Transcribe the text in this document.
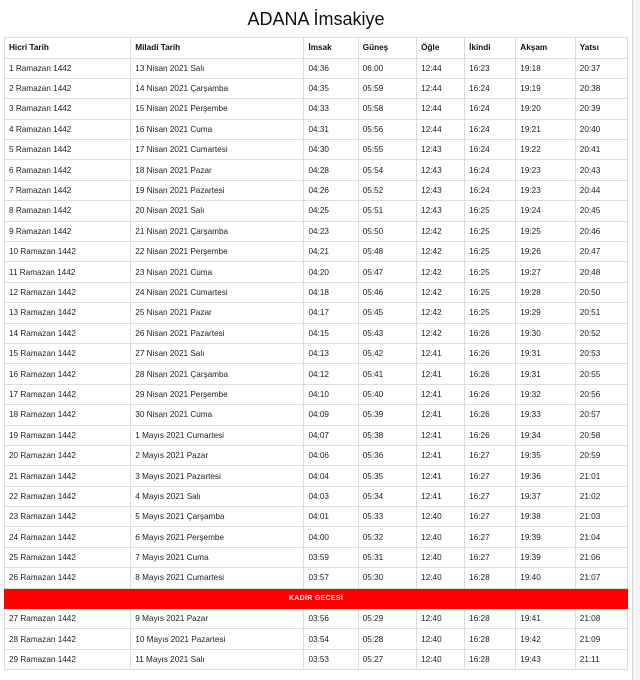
ADANA İmsakiye
Hicri Tarih	Miladi Tarih	İmsak	Güneş	Öğle	İkindi	Akşam	Yatsı
1 Ramazan 1442	13 Nisan 2021 Salı	04:36	06:00	12:44	16:23	19:18	20:37
2 Ramazan 1442	14 Nisan 2021 Çarşamba	04:35	05:59	12:44	16:24	19:19	20:38
3 Ramazan 1442	15 Nisan 2021 Perşembe	04:33	05:58	12:44	16:24	19:20	20:39
4 Ramazan 1442	16 Nisan 2021 Cuma	04:31	05:56	12:44	16:24	19:21	20:40
5 Ramazan 1442	17 Nisan 2021 Cumartesi	04:30	05:55	12:43	16:24	19:22	20:41
6 Ramazan 1442	18 Nisan 2021 Pazar	04:28	05:54	12:43	16:24	19:23	20:43
7 Ramazan 1442	19 Nisan 2021 Pazartesi	04:26	05:52	12:43	16:24	19:23	20:44
8 Ramazan 1442	20 Nisan 2021 Salı	04:25	05:51	12:43	16:25	19:24	20:45
9 Ramazan 1442	21 Nisan 2021 Çarşamba	04:23	05:50	12:42	16:25	19:25	20:46
10 Ramazan 1442	22 Nisan 2021 Perşembe	04:21	05:48	12:42	16:25	19:26	20:47
11 Ramazan 1442	23 Nisan 2021 Cuma	04:20	05:47	12:42	16:25	19:27	20:48
12 Ramazan 1442	24 Nisan 2021 Cumartesi	04:18	05:46	12:42	16:25	19:28	20:50
13 Ramazan 1442	25 Nisan 2021 Pazar	04:17	05:45	12:42	16:25	19:29	20:51
14 Ramazan 1442	26 Nisan 2021 Pazartesi	04:15	05:43	12:42	16:26	19:30	20:52
15 Ramazan 1442	27 Nisan 2021 Salı	04:13	05:42	12:41	16:26	19:31	20:53
16 Ramazan 1442	28 Nisan 2021 Çarşamba	04:12	05:41	12:41	16:26	19:31	20:55
17 Ramazan 1442	29 Nisan 2021 Perşembe	04:10	05:40	12:41	16:26	19:32	20:56
18 Ramazan 1442	30 Nisan 2021 Cuma	04:09	05:39	12:41	16:26	19:33	20:57
19 Ramazan 1442	1 Mayıs 2021 Cumartesi	04:07	05:38	12:41	16:26	19:34	20:58
20 Ramazan 1442	2 Mayıs 2021 Pazar	04:06	05:36	12:41	16:27	19:35	20:59
21 Ramazan 1442	3 Mayıs 2021 Pazartesi	04:04	05:35	12:41	16:27	19:36	21:01
22 Ramazan 1442	4 Mayıs 2021 Salı	04:03	05:34	12:41	16:27	19:37	21:02
23 Ramazan 1442	5 Mayıs 2021 Çarşamba	04:01	05:33	12:40	16:27	19:38	21:03
24 Ramazan 1442	6 Mayıs 2021 Perşembe	04:00	05:32	12:40	16:27	19:39	21:04
25 Ramazan 1442	7 Mayıs 2021 Cuma	03:59	05:31	12:40	16:27	19:39	21:06
26 Ramazan 1442	8 Mayıs 2021 Cumartesi	03:57	05:30	12:40	16:28	19:40	21:07
KADİR GECESİ							
27 Ramazan 1442	9 Mayıs 2021 Pazar	03:56	05:29	12:40	16:28	19:41	21:08
28 Ramazan 1442	10 Mayıs 2021 Pazartesi	03:54	05:28	12:40	16:28	19:42	21:09
29 Ramazan 1442	11 Mayıs 2021 Salı	03:53	05:27	12:40	16:28	19:43	21:11
